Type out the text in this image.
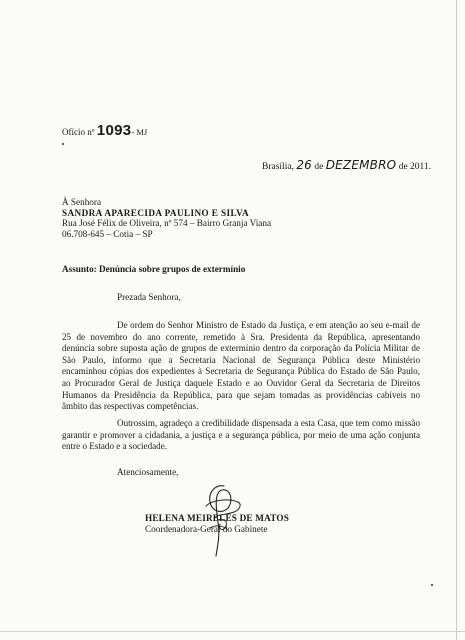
Ofício nº 1093- MJ
Brasília, 26 de DEZEMBRO de 2011.
À Senhora
SANDRA APARECIDA PAULINO E SILVA
Rua José Félix de Oliveira, nº 574 – Bairro Granja Viana
06.708-645 – Cotia – SP
Assunto: Denúncia sobre grupos de extermínio
Prezada Senhora,
De ordem do Senhor Ministro de Estado da Justiça, e em atenção ao seu e-mail de
25 de novembro do ano corrente, remetido à Sra. Presidenta da República, apresentando
denúncia sobre suposta ação de grupos de extermínio dentro da corporação da Polícia Militar de
São Paulo, informo que a Secretaria Nacional de Segurança Pública deste Ministério
encaminhou cópias dos expedientes à Secretaria de Segurança Pública do Estado de São Paulo,
ao Procurador Geral de Justiça daquele Estado e ao Ouvidor Geral da Secretaria de Direitos
Humanos da Presidência da República, para que sejam tomadas as providências cabíveis no
âmbito das respectivas competências.
Outrossim, agradeço a credibilidade dispensada a esta Casa, que tem como missão
garantir e promover a cidadania, a justiça e a segurança pública, por meio de uma ação conjunta
entre o Estado e a sociedade.
Atenciosamente,
HELENA MEIRELES DE MATOS
Coordenadora-Geral do Gabinete
